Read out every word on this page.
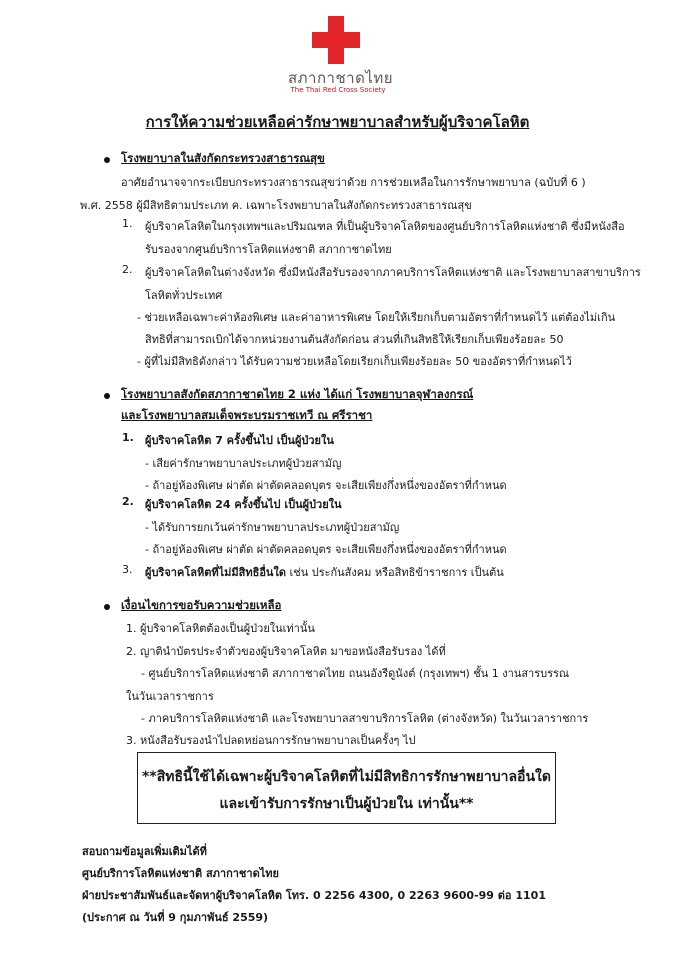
สภากาชาดไทย
The Thai Red Cross Society
การให้ความช่วยเหลือค่ารักษาพยาบาลสำหรับผู้บริจาคโลหิต
โรงพยาบาลในสังกัดกระทรวงสาธารณสุข
อาศัยอำนาจจากระเบียบกระทรวงสาธารณสุขว่าด้วย การช่วยเหลือในการรักษาพยาบาล (ฉบับที่ 6 )
พ.ศ. 2558 ผู้มีสิทธิตามประเภท ค. เฉพาะโรงพยาบาลในสังกัดกระทรวงสาธารณสุข
1. ผู้บริจาคโลหิตในกรุงเทพฯและปริมณฑล ที่เป็นผู้บริจาคโลหิตของศูนย์บริการโลหิตแห่งชาติ ซึ่งมีหนังสือ
รับรองจากศูนย์บริการโลหิตแห่งชาติ สภากาชาดไทย
2. ผู้บริจาคโลหิตในต่างจังหวัด ซึ่งมีหนังสือรับรองจากภาคบริการโลหิตแห่งชาติ และโรงพยาบาลสาขาบริการ
โลหิตทั่วประเทศ
- ช่วยเหลือเฉพาะค่าห้องพิเศษ และค่าอาหารพิเศษ โดยให้เรียกเก็บตามอัตราที่กำหนดไว้ แต่ต้องไม่เกิน
สิทธิที่สามารถเบิกได้จากหน่วยงานต้นสังกัดก่อน ส่วนที่เกินสิทธิให้เรียกเก็บเพียงร้อยละ 50
- ผู้ที่ไม่มีสิทธิดังกล่าว ได้รับความช่วยเหลือโดยเรียกเก็บเพียงร้อยละ 50 ของอัตราที่กำหนดไว้
โรงพยาบาลสังกัดสภากาชาดไทย 2 แห่ง ได้แก่ โรงพยาบาลจุฬาลงกรณ์
และโรงพยาบาลสมเด็จพระบรมราชเทวี ณ ศรีราชา
1. ผู้บริจาคโลหิต 7 ครั้งขึ้นไป เป็นผู้ป่วยใน
- เสียค่ารักษาพยาบาลประเภทผู้ป่วยสามัญ
- ถ้าอยู่ห้องพิเศษ ผ่าตัด ผ่าตัดคลอดบุตร จะเสียเพียงกึ่งหนึ่งของอัตราที่กำหนด
2. ผู้บริจาคโลหิต 24 ครั้งขึ้นไป เป็นผู้ป่วยใน
- ได้รับการยกเว้นค่ารักษาพยาบาลประเภทผู้ป่วยสามัญ
- ถ้าอยู่ห้องพิเศษ ผ่าตัด ผ่าตัดคลอดบุตร จะเสียเพียงกึ่งหนึ่งของอัตราที่กำหนด
3. ผู้บริจาคโลหิตที่ไม่มีสิทธิอื่นใด เช่น ประกันสังคม หรือสิทธิข้าราชการ เป็นต้น
เงื่อนไขการขอรับความช่วยเหลือ
1. ผู้บริจาคโลหิตต้องเป็นผู้ป่วยในเท่านั้น
2. ญาตินำบัตรประจำตัวของผู้บริจาคโลหิต มาขอหนังสือรับรอง ได้ที่
- ศูนย์บริการโลหิตแห่งชาติ สภากาชาดไทย ถนนอังรีดูนังต์ (กรุงเทพฯ) ชั้น 1 งานสารบรรณ
ในวันเวลาราชการ
- ภาคบริการโลหิตแห่งชาติ และโรงพยาบาลสาขาบริการโลหิต (ต่างจังหวัด) ในวันเวลาราชการ
3. หนังสือรับรองนำไปลดหย่อนการรักษาพยาบาลเป็นครั้งๆ ไป
**สิทธินี้ใช้ได้เฉพาะผู้บริจาคโลหิตที่ไม่มีสิทธิการรักษาพยาบาลอื่นใด
และเข้ารับการรักษาเป็นผู้ป่วยใน เท่านั้น**
สอบถามข้อมูลเพิ่มเติมได้ที่
ศูนย์บริการโลหิตแห่งชาติ สภากาชาดไทย
ฝ่ายประชาสัมพันธ์และจัดหาผู้บริจาคโลหิต โทร. 0 2256 4300, 0 2263 9600-99 ต่อ 1101
(ประกาศ ณ วันที่ 9 กุมภาพันธ์ 2559)
